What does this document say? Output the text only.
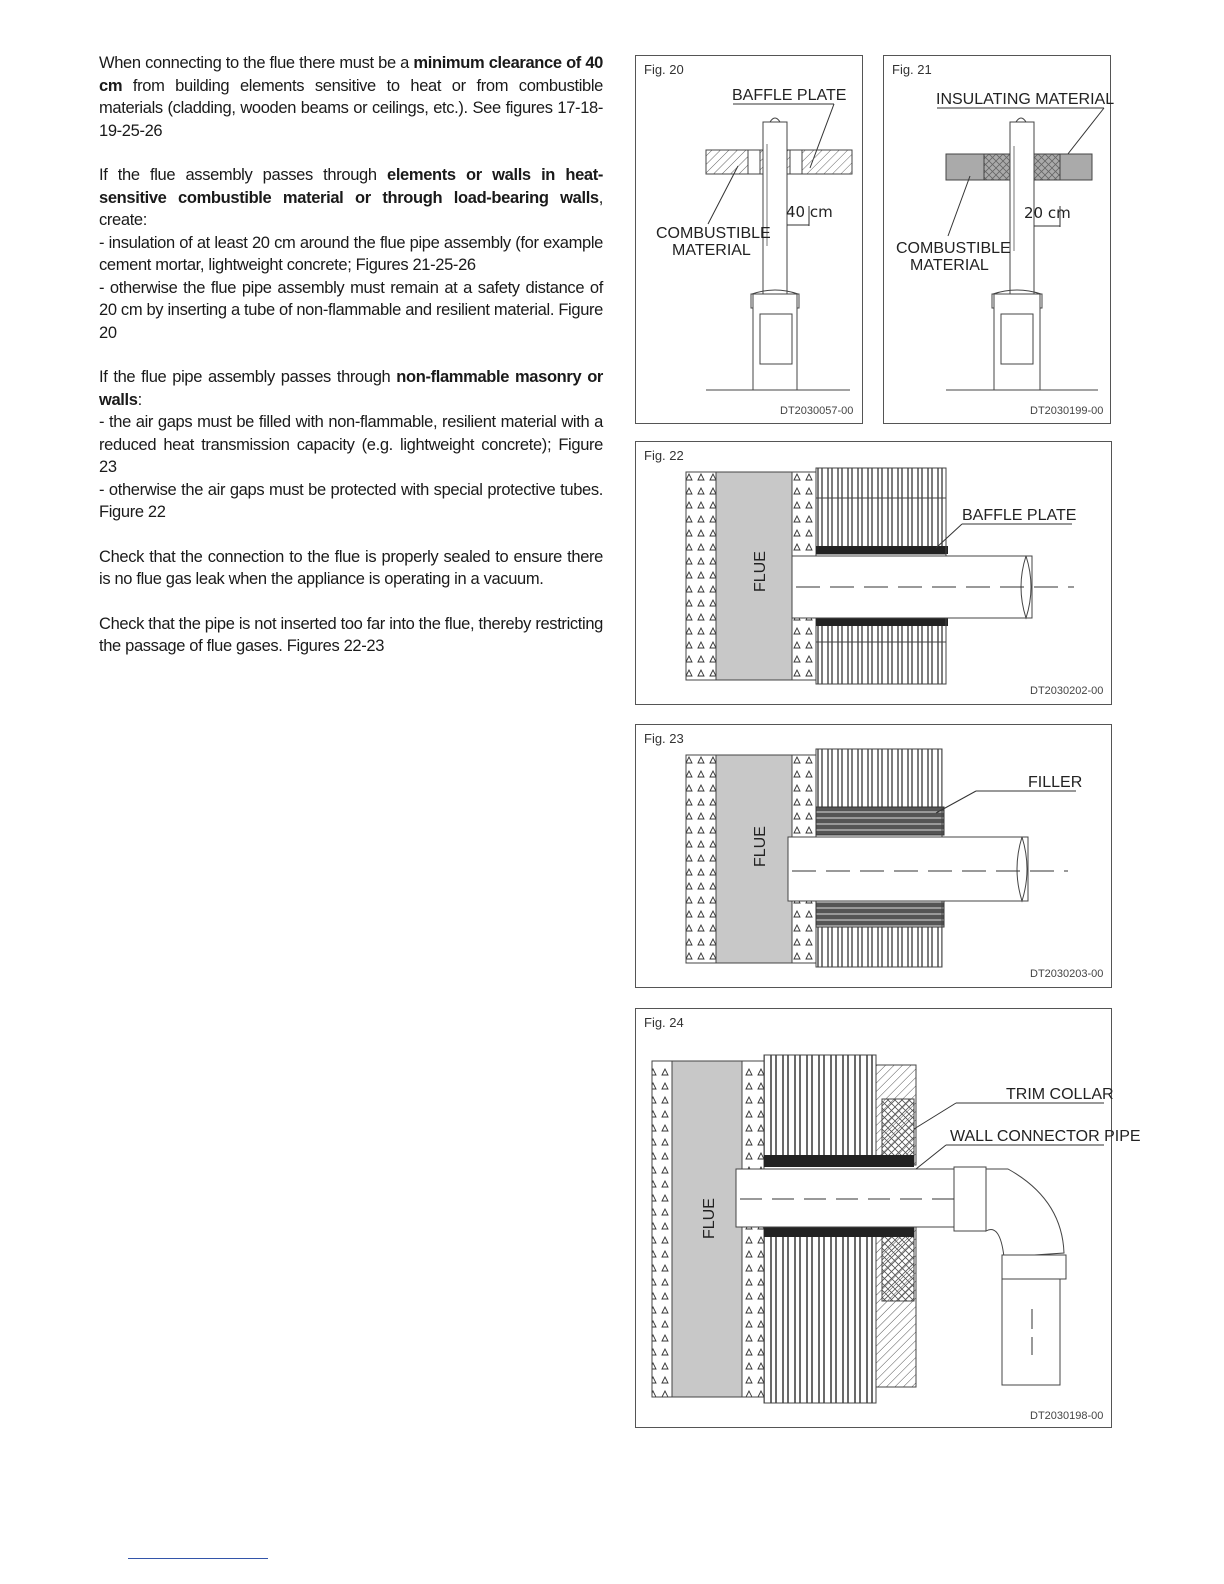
When connecting to the flue there must be a minimum clearance of 40 cm from building elements sensitive to heat or from combustible materials (cladding, wooden beams or ceilings, etc.). See figures 17-18-19-25-26

If the flue assembly passes through elements or walls in heat-sensitive combustible material or through load-bearing walls, create:
- insulation of at least 20 cm around the flue pipe assembly (for example cement mortar, lightweight concrete; Figures 21-25-26
- otherwise the flue pipe assembly must remain at a safety distance of 20 cm by inserting a tube of non-flammable and resilient material. Figure 20

If the flue pipe assembly passes through non-flammable masonry or walls:
- the air gaps must be filled with non-flammable, resilient material with a reduced heat transmission capacity (e.g. lightweight concrete); Figure 23
- otherwise the air gaps must be protected with special protective tubes. Figure 22

Check that the connection to the flue is properly sealed to ensure there is no flue gas leak when the appliance is operating in a vacuum.

Check that the pipe is not inserted too far into the flue, thereby restricting the passage of flue gases. Figures 22-23

Fig. 20
BAFFLE PLATE
40 cm
COMBUSTIBLE
MATERIAL
DT2030057-00
Fig. 21
INSULATING MATERIAL
20 cm
COMBUSTIBLE
MATERIAL
DT2030199-00
Fig. 22
FLUE
BAFFLE PLATE
DT2030202-00
Fig. 23
FLUE
FILLER
DT2030203-00
Fig. 24
FLUE
TRIM COLLAR
WALL CONNECTOR PIPE
DT2030198-00
